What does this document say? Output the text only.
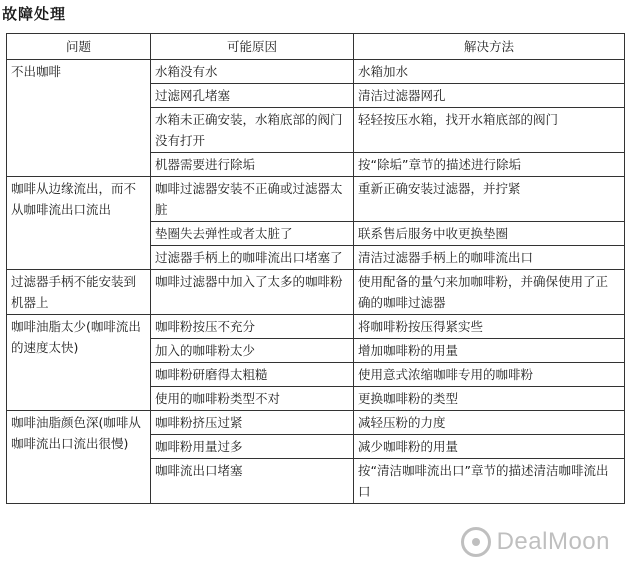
故障处理
问题	可能原因	解决方法
不出咖啡	水箱没有水	水箱加水
	过滤网孔堵塞	清洁过滤器网孔
	水箱未正确安装，水箱底部的阀门没有打开	轻轻按压水箱，找开水箱底部的阀门
	机器需要进行除垢	按“除垢”章节的描述进行除垢
咖啡从边缘流出，而不从咖啡流出口流出	咖啡过滤器安装不正确或过滤器太脏	重新正确安装过滤器，并拧紧
	垫圈失去弹性或者太脏了	联系售后服务中收更换垫圈
	过滤器手柄上的咖啡流出口堵塞了	清洁过滤器手柄上的咖啡流出口
过滤器手柄不能安装到机器上	咖啡过滤器中加入了太多的咖啡粉	使用配备的量勺来加咖啡粉，并确保使用了正确的咖啡过滤器
咖啡油脂太少(咖啡流出的速度太快)	咖啡粉按压不充分	将咖啡粉按压得紧实些
	加入的咖啡粉太少	增加咖啡粉的用量
	咖啡粉研磨得太粗糙	使用意式浓缩咖啡专用的咖啡粉
	使用的咖啡粉类型不对	更换咖啡粉的类型
咖啡油脂颜色深(咖啡从咖啡流出口流出很慢)	咖啡粉挤压过紧	减轻压粉的力度
	咖啡粉用量过多	减少咖啡粉的用量
	咖啡流出口堵塞	按“清洁咖啡流出口”章节的描述清洁咖啡流出口
DealMoon
